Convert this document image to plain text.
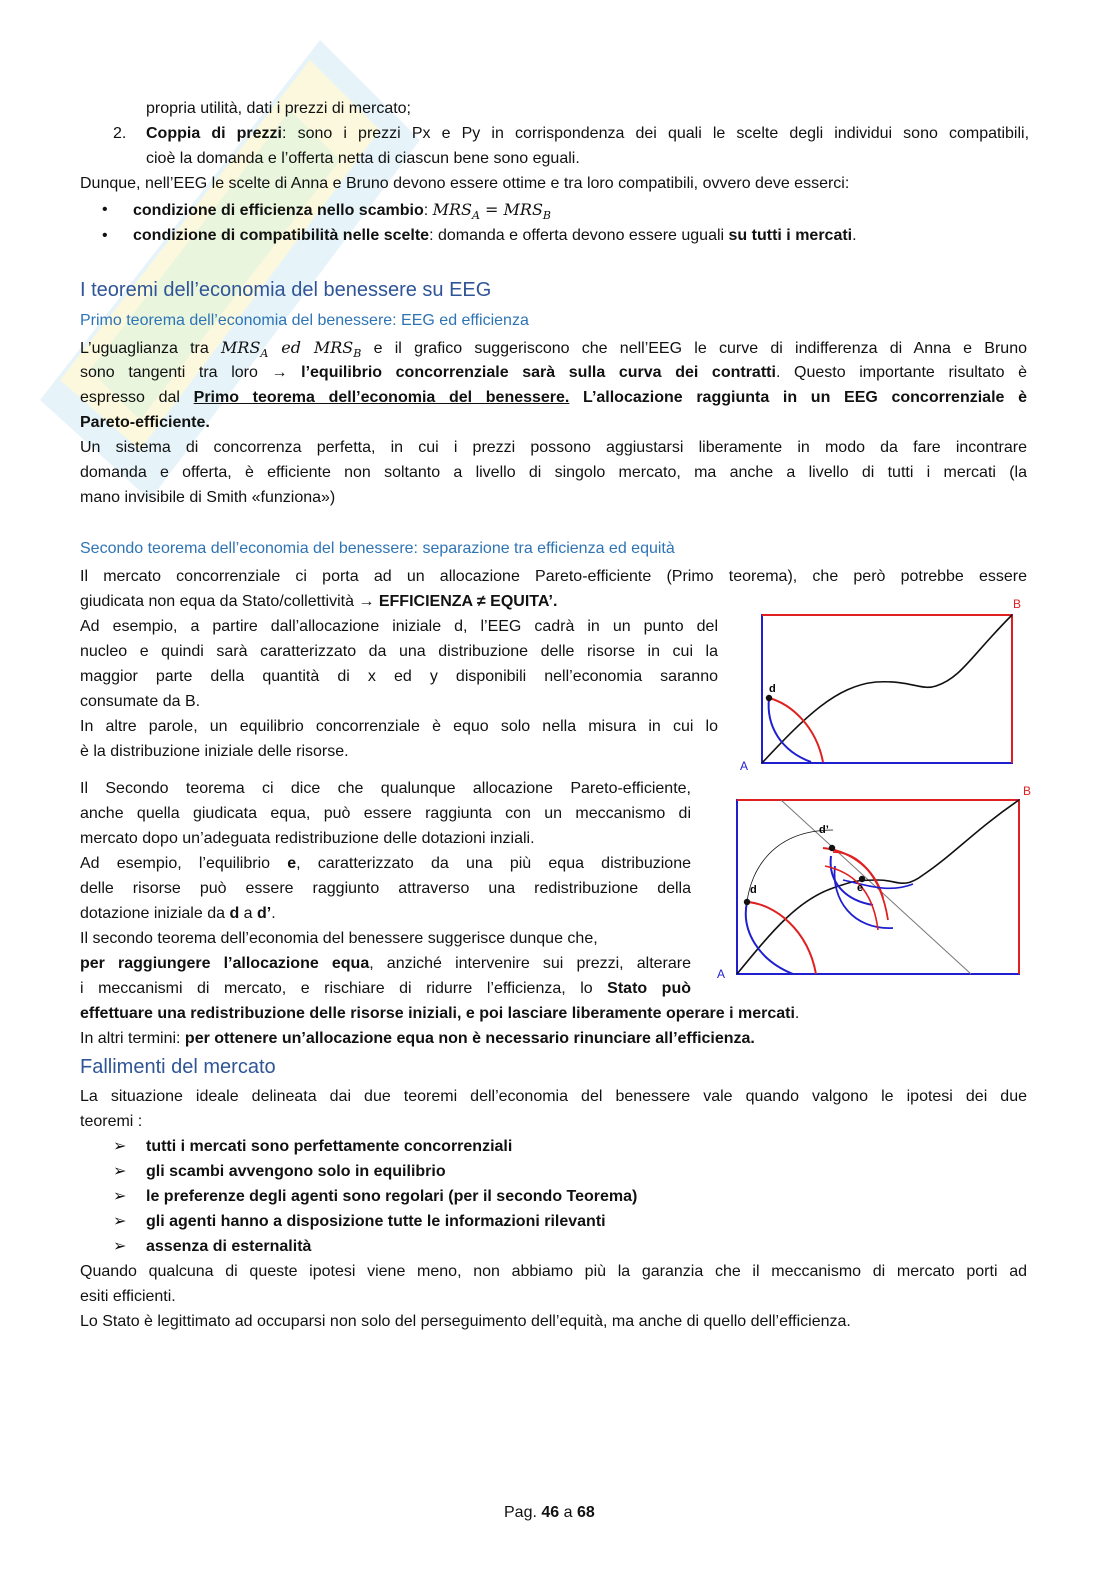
propria utilità, dati i prezzi di mercato;
2. Coppia di prezzi: sono i prezzi Px e Py in corrispondenza dei quali le scelte degli individui sono compatibili,
cioè la domanda e l’offerta netta di ciascun bene sono eguali.
Dunque, nell’EEG le scelte di Anna e Bruno devono essere ottime e tra loro compatibili, ovvero deve esserci:
• condizione di efficienza nello scambio: $MRS_A = MRS_B$
• condizione di compatibilità nelle scelte: domanda e offerta devono essere uguali su tutti i mercati.
I teoremi dell’economia del benessere su EEG
Primo teorema dell’economia del benessere: EEG ed efficienza
L’uguaglianza tra $MRS_A$ ed $MRS_B$ e il grafico suggeriscono che nell’EEG le curve di indifferenza di Anna e Bruno
sono tangenti tra loro → l’equilibrio concorrenziale sarà sulla curva dei contratti. Questo importante risultato è
espresso dal Primo teorema dell’economia del benessere. L’allocazione raggiunta in un EEG concorrenziale è
Pareto-efficiente.
Un sistema di concorrenza perfetta, in cui i prezzi possono aggiustarsi liberamente in modo da fare incontrare
domanda e offerta, è efficiente non soltanto a livello di singolo mercato, ma anche a livello di tutti i mercati (la
mano invisibile di Smith «funziona»)
Secondo teorema dell’economia del benessere: separazione tra efficienza ed equità
Il mercato concorrenziale ci porta ad un allocazione Pareto-efficiente (Primo teorema), che però potrebbe essere
giudicata non equa da Stato/collettività → EFFICIENZA ≠ EQUITA’.
Ad esempio, a partire dall’allocazione iniziale d, l’EEG cadrà in un punto del
nucleo e quindi sarà caratterizzato da una distribuzione delle risorse in cui la
maggior parte della quantità di x ed y disponibili nell’economia saranno
consumate da B.
In altre parole, un equilibrio concorrenziale è equo solo nella misura in cui lo
è la distribuzione iniziale delle risorse.
d
A
B
Il Secondo teorema ci dice che qualunque allocazione Pareto-efficiente,
anche quella giudicata equa, può essere raggiunta con un meccanismo di
mercato dopo un’adeguata redistribuzione delle dotazioni inziali.
Ad esempio, l’equilibrio e, caratterizzato da una più equa distribuzione
delle risorse può essere raggiunto attraverso una redistribuzione della
dotazione iniziale da d a d’.
Il secondo teorema dell’economia del benessere suggerisce dunque che,
per raggiungere l’allocazione equa, anziché intervenire sui prezzi, alterare
i meccanismi di mercato, e rischiare di ridurre l’efficienza, lo Stato può
effettuare una redistribuzione delle risorse iniziali, e poi lasciare liberamente operare i mercati.
In altri termini: per ottenere un’allocazione equa non è necessario rinunciare all’efficienza.
d
d’
e
A
B
Fallimenti del mercato
La situazione ideale delineata dai due teoremi dell’economia del benessere vale quando valgono le ipotesi dei due
teoremi :
➢ tutti i mercati sono perfettamente concorrenziali
➢ gli scambi avvengono solo in equilibrio
➢ le preferenze degli agenti sono regolari (per il secondo Teorema)
➢ gli agenti hanno a disposizione tutte le informazioni rilevanti
➢ assenza di esternalità
Quando qualcuna di queste ipotesi viene meno, non abbiamo più la garanzia che il meccanismo di mercato porti ad
esiti efficienti.
Lo Stato è legittimato ad occuparsi non solo del perseguimento dell’equità, ma anche di quello dell’efficienza.
Pag. 46 a 68
